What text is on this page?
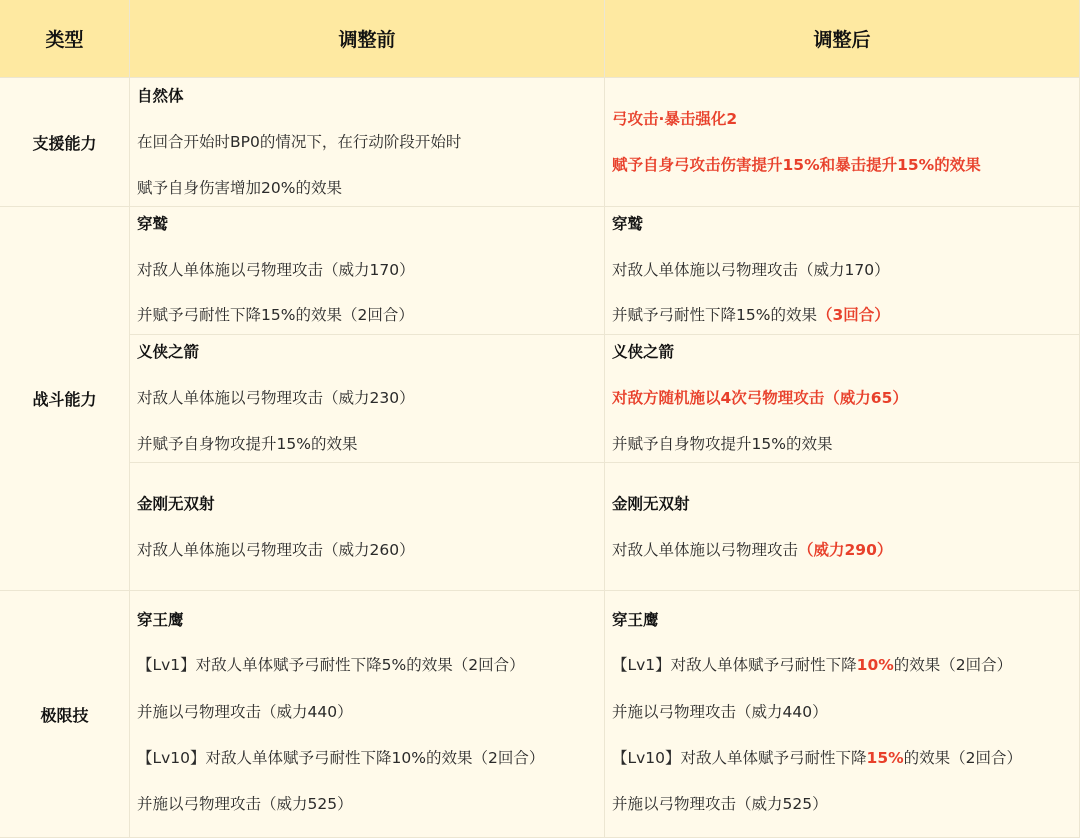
类型	调整前	调整后
支援能力
自然体
在回合开始时BP0的情况下，在行动阶段开始时
赋予自身伤害增加20%的效果
弓攻击·暴击强化2
赋予自身弓攻击伤害提升15%和暴击提升15%的效果
战斗能力
穿鹫
对敌人单体施以弓物理攻击（威力170）
并赋予弓耐性下降15%的效果（2回合）
穿鹫
对敌人单体施以弓物理攻击（威力170）
并赋予弓耐性下降15%的效果（3回合）
义侠之箭
对敌人单体施以弓物理攻击（威力230）
并赋予自身物攻提升15%的效果
义侠之箭
对敌方随机施以4次弓物理攻击（威力65）
并赋予自身物攻提升15%的效果
金刚无双射
对敌人单体施以弓物理攻击（威力260）
金刚无双射
对敌人单体施以弓物理攻击（威力290）
极限技
穿王鹰
【Lv1】对敌人单体赋予弓耐性下降5%的效果（2回合）
并施以弓物理攻击（威力440）
【Lv10】对敌人单体赋予弓耐性下降10%的效果（2回合）
并施以弓物理攻击（威力525）
穿王鹰
【Lv1】对敌人单体赋予弓耐性下降10%的效果（2回合）
并施以弓物理攻击（威力440）
【Lv10】对敌人单体赋予弓耐性下降15%的效果（2回合）
并施以弓物理攻击（威力525）
